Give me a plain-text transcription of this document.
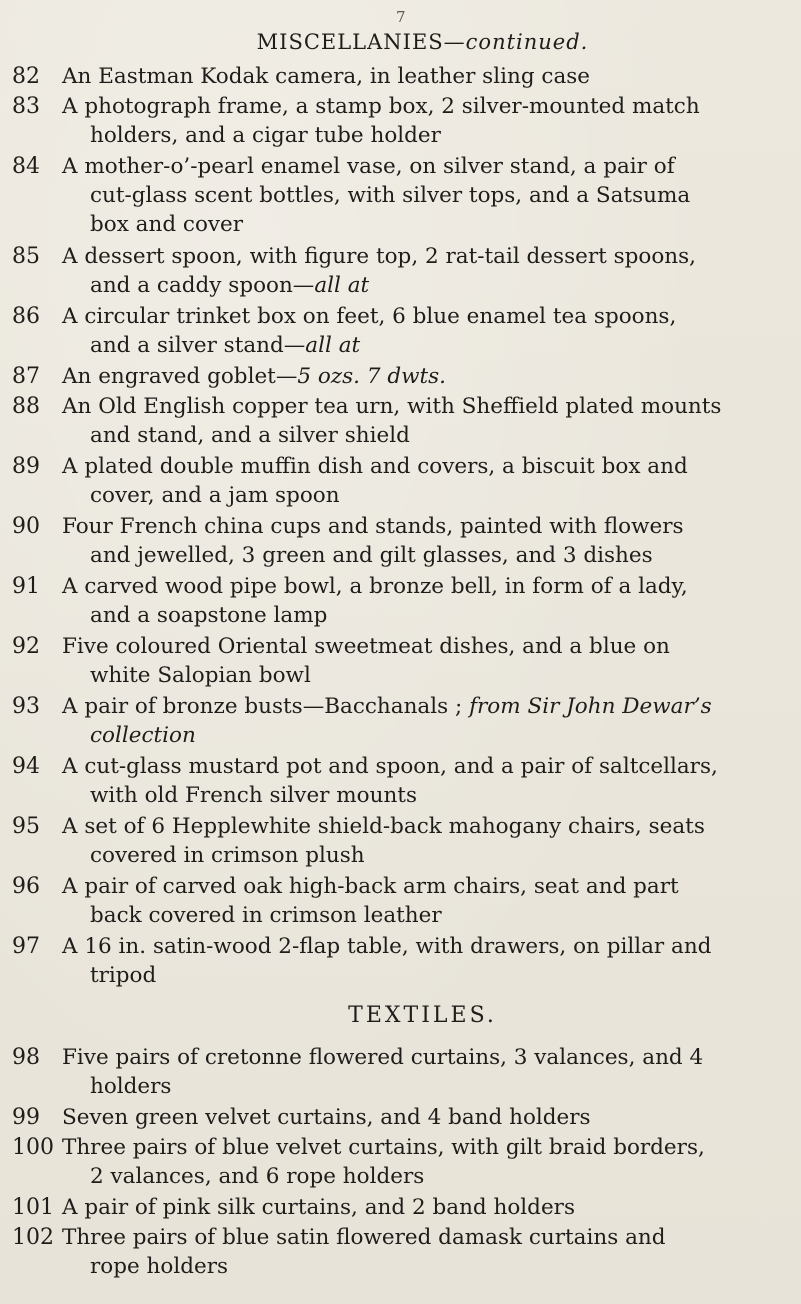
7
MISCELLANIES—continued.
82	An Eastman Kodak camera, in leather sling case
83	A photograph frame, a stamp box, 2 silver-mounted match
holders, and a cigar tube holder
84	A mother-o’-pearl enamel vase, on silver stand, a pair of
cut-glass scent bottles, with silver tops, and a Satsuma
box and cover
85	A dessert spoon, with figure top, 2 rat-tail dessert spoons,
and a caddy spoon—all at
86	A circular trinket box on feet, 6 blue enamel tea spoons,
and a silver stand—all at
87	An engraved goblet—5 ozs. 7 dwts.
88	An Old English copper tea urn, with Sheffield plated mounts
and stand, and a silver shield
89	A plated double muffin dish and covers, a biscuit box and
cover, and a jam spoon
90	Four French china cups and stands, painted with flowers
and jewelled, 3 green and gilt glasses, and 3 dishes
91	A carved wood pipe bowl, a bronze bell, in form of a lady,
and a soapstone lamp
92	Five coloured Oriental sweetmeat dishes, and a blue on
white Salopian bowl
93	A pair of bronze busts—Bacchanals ; from Sir John Dewar’s
collection
94	A cut-glass mustard pot and spoon, and a pair of saltcellars,
with old French silver mounts
95	A set of 6 Hepplewhite shield-back mahogany chairs, seats
covered in crimson plush
96	A pair of carved oak high-back arm chairs, seat and part
back covered in crimson leather
97	A 16 in. satin-wood 2-flap table, with drawers, on pillar and
tripod
TEXTILES.
98	Five pairs of cretonne flowered curtains, 3 valances, and 4
holders
99	Seven green velvet curtains, and 4 band holders
100 Three pairs of blue velvet curtains, with gilt braid borders,
2 valances, and 6 rope holders
101 A pair of pink silk curtains, and 2 band holders
102 Three pairs of blue satin flowered damask curtains and
rope holders
